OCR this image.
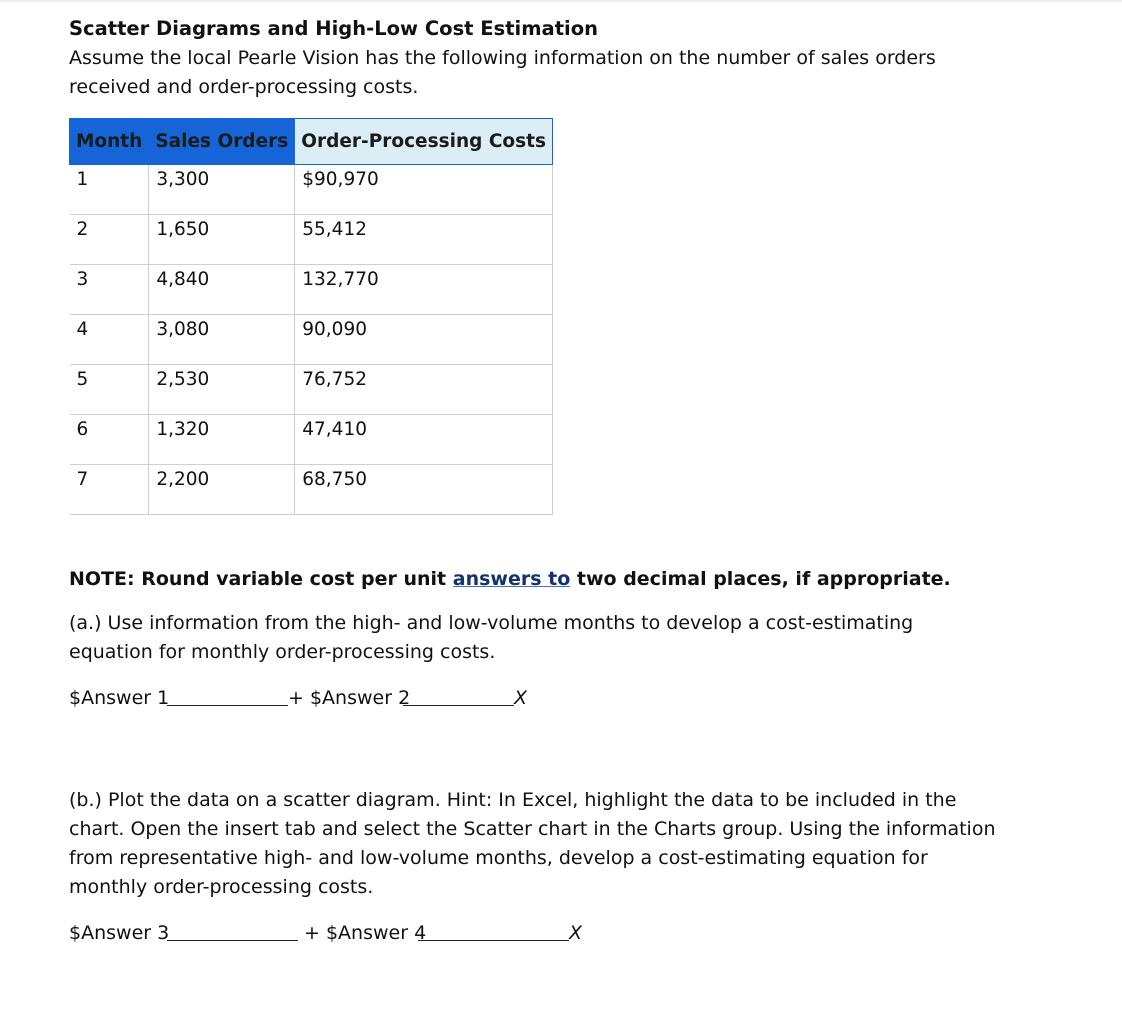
Scatter Diagrams and High-Low Cost Estimation
Assume the local Pearle Vision has the following information on the number of sales orders received and order-processing costs.
Month	Sales Orders	Order-Processing Costs
1	3,300	$90,970
2	1,650	55,412
3	4,840	132,770
4	3,080	90,090
5	2,530	76,752
6	1,320	47,410
7	2,200	68,750
NOTE: Round variable cost per unit answers to two decimal places, if appropriate.
(a.) Use information from the high- and low-volume months to develop a cost-estimating equation for monthly order-processing costs.
$Answer 1	+ $Answer 2	X
(b.) Plot the data on a scatter diagram. Hint: In Excel, highlight the data to be included in the chart. Open the insert tab and select the Scatter chart in the Charts group. Using the information from representative high- and low-volume months, develop a cost-estimating equation for monthly order-processing costs.
$Answer 3	+ $Answer 4	X
